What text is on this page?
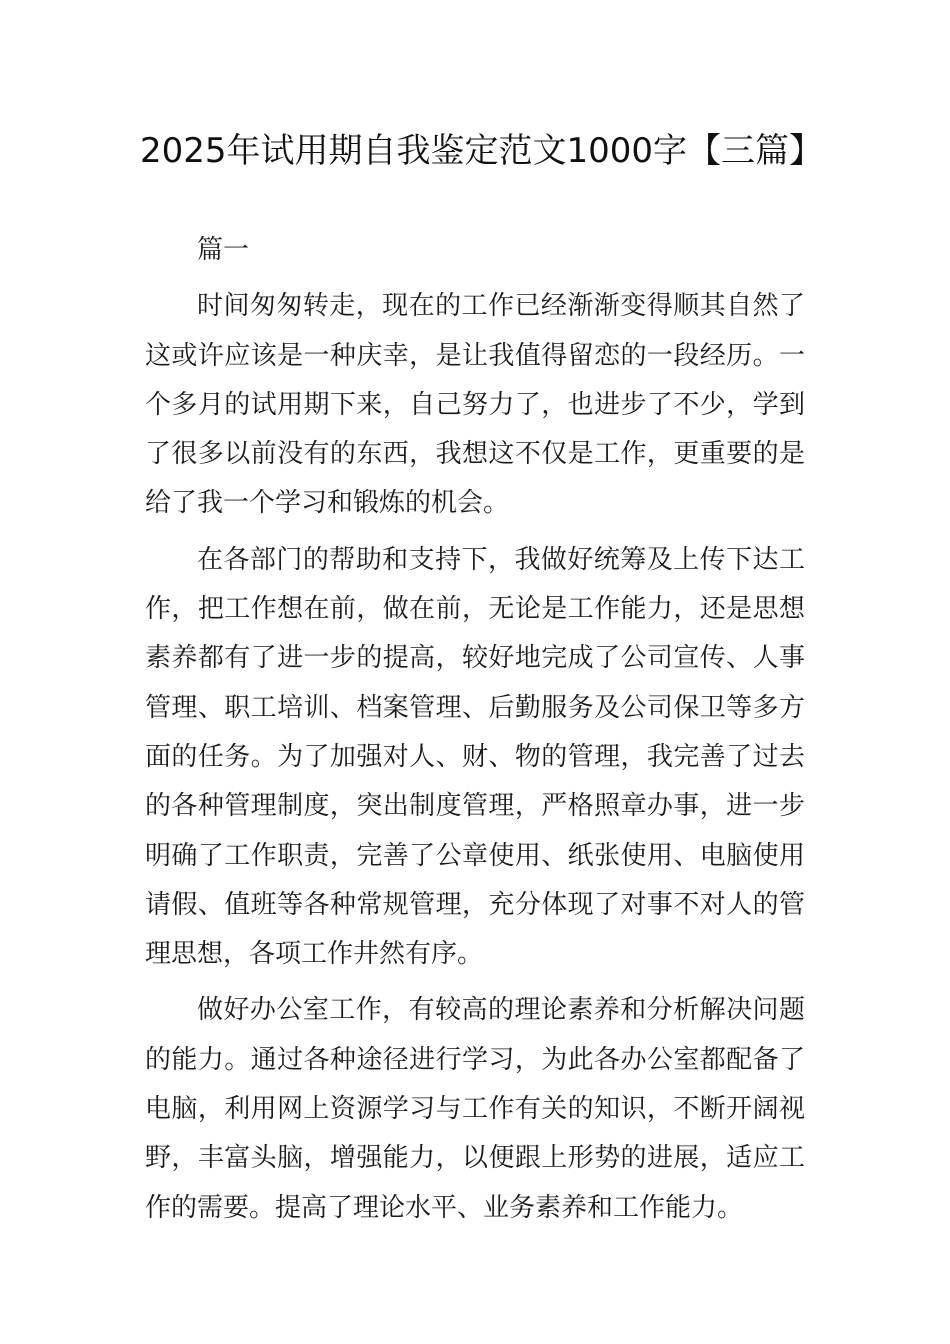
2025年试用期自我鉴定范文1000字【三篇】

篇一

时间匆匆转走，现在的工作已经渐渐变得顺其自然了这或许应该是一种庆幸，是让我值得留恋的一段经历。一个多月的试用期下来，自己努力了，也进步了不少，学到了很多以前没有的东西，我想这不仅是工作，更重要的是给了我一个学习和锻炼的机会。

在各部门的帮助和支持下，我做好统筹及上传下达工作，把工作想在前，做在前，无论是工作能力，还是思想素养都有了进一步的提高，较好地完成了公司宣传、人事管理、职工培训、档案管理、后勤服务及公司保卫等多方面的任务。为了加强对人、财、物的管理，我完善了过去的各种管理制度，突出制度管理，严格照章办事，进一步明确了工作职责，完善了公章使用、纸张使用、电脑使用请假、值班等各种常规管理，充分体现了对事不对人的管理思想，各项工作井然有序。

做好办公室工作，有较高的理论素养和分析解决问题的能力。通过各种途径进行学习，为此各办公室都配备了电脑，利用网上资源学习与工作有关的知识，不断开阔视野，丰富头脑，增强能力，以便跟上形势的进展，适应工作的需要。提高了理论水平、业务素养和工作能力。
